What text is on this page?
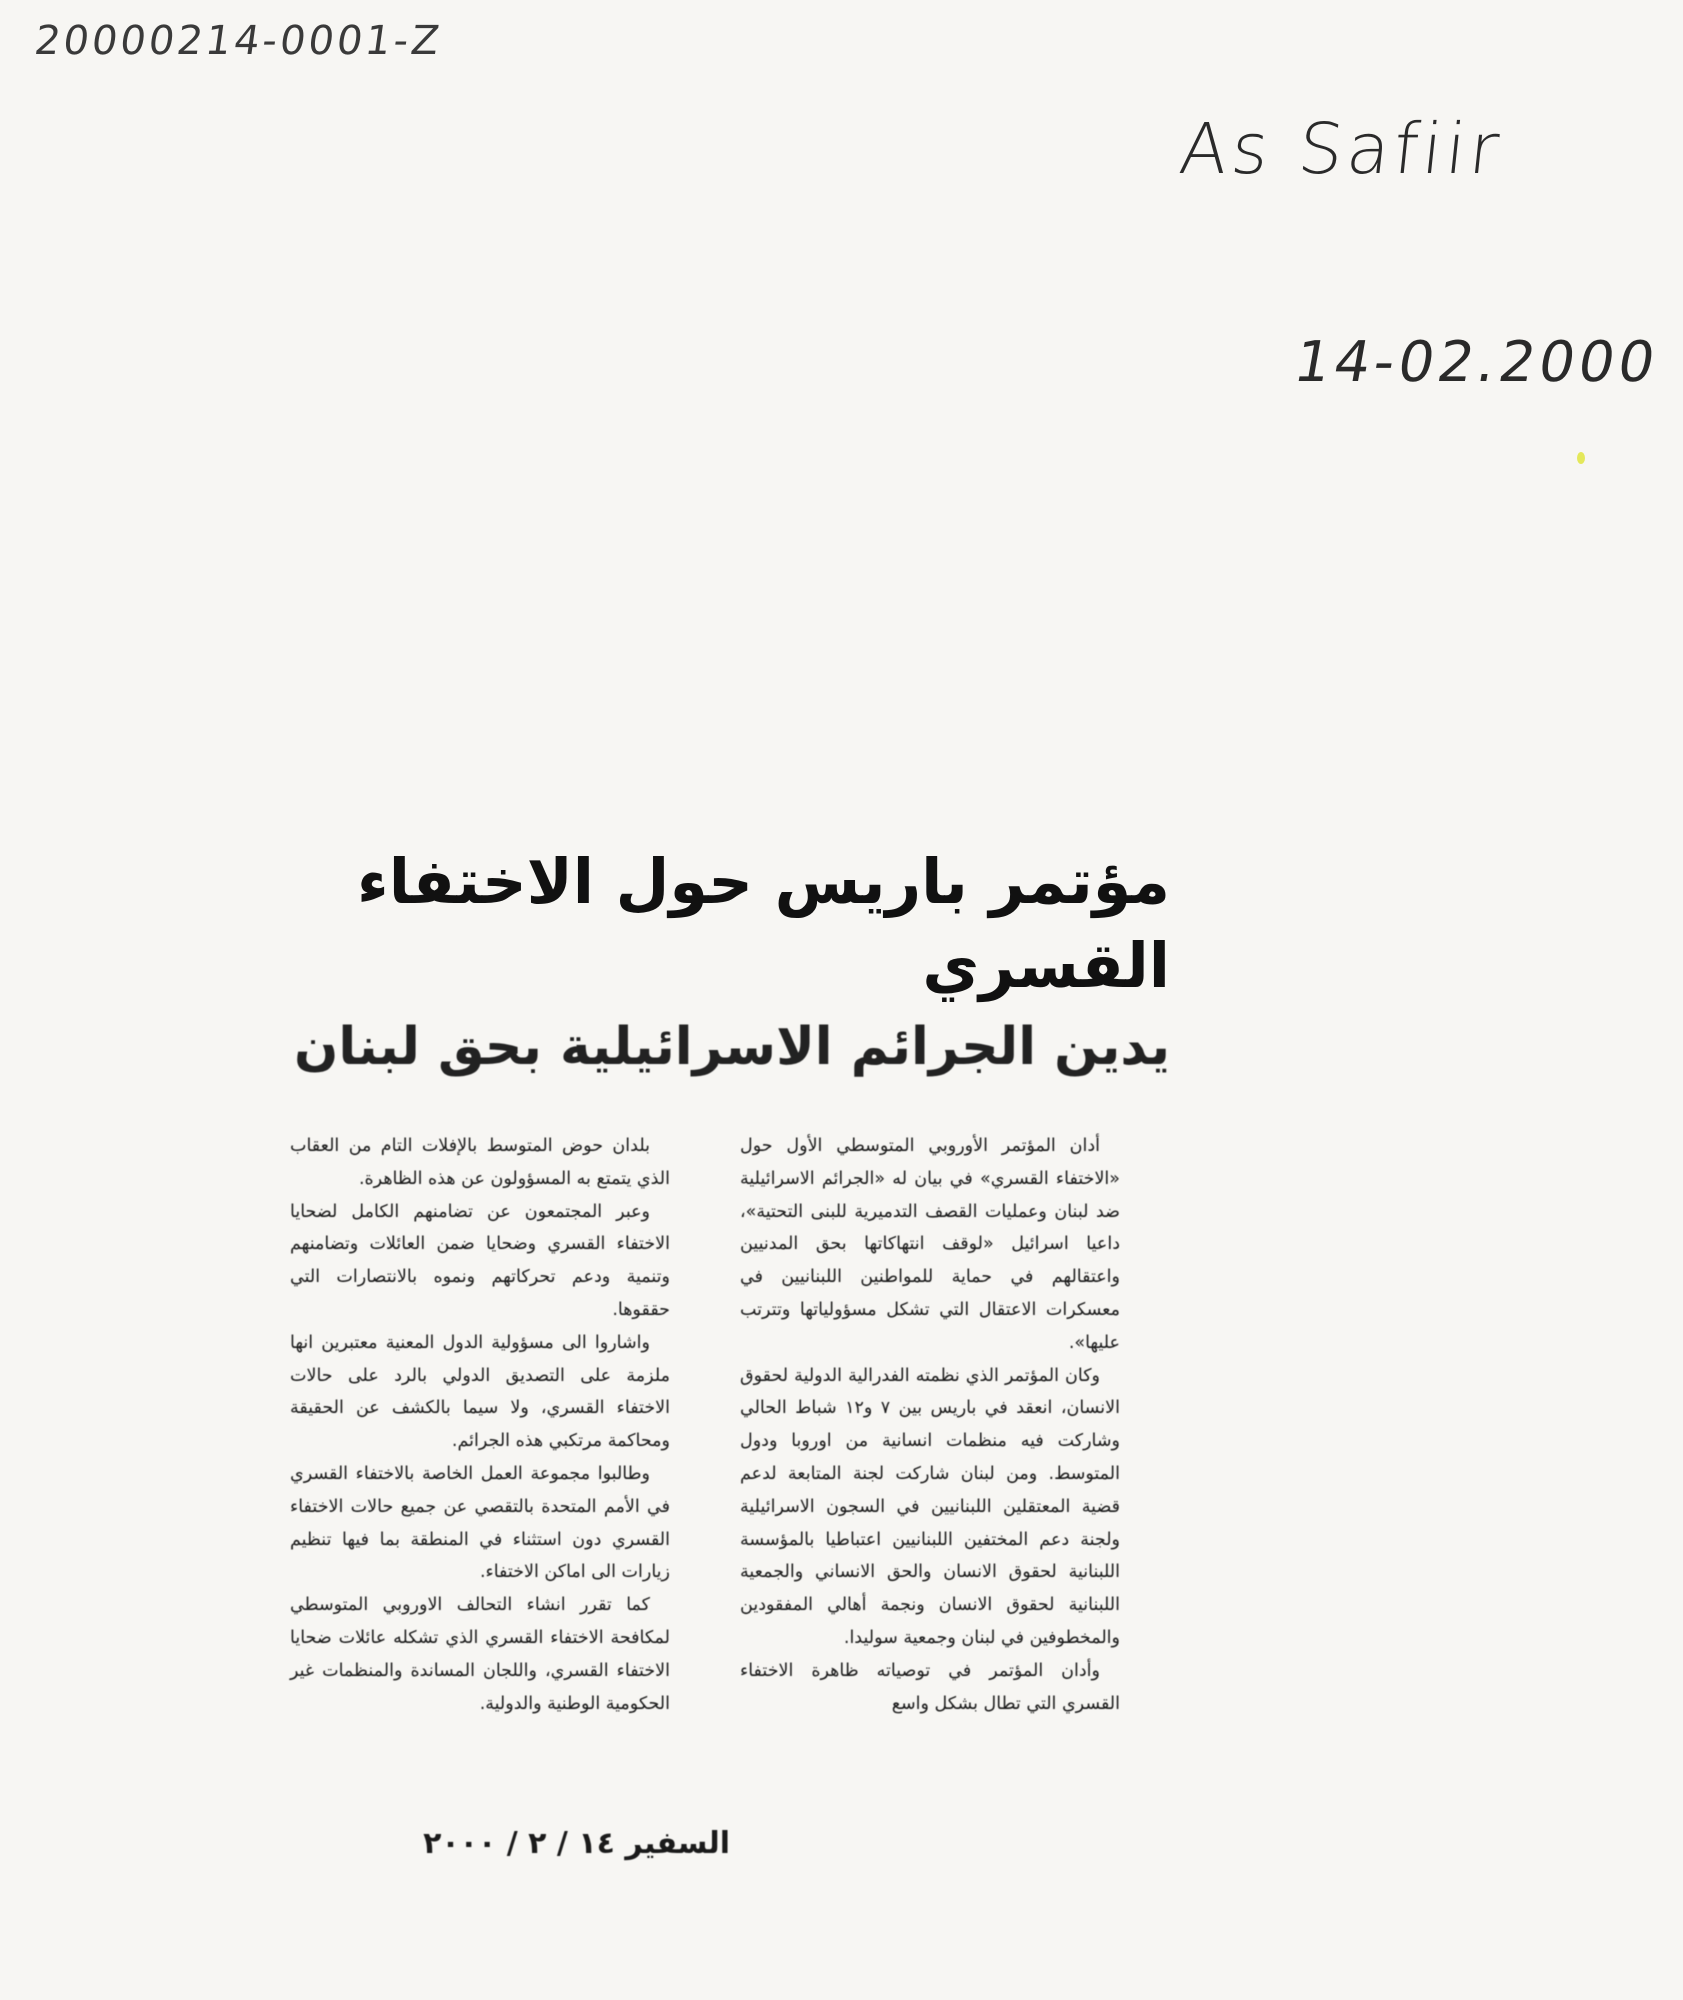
20000214-0001-Z
As Safiir
14-02.2000
مؤتمر باريس حول الاختفاء القسري
يدين الجرائم الاسرائيلية بحق لبنان

أدان المؤتمر الأوروبي المتوسطي الأول حول «الاختفاء القسري» في بيان له «الجرائم الاسرائيلية ضد لبنان وعمليات القصف التدميرية للبنى التحتية»، داعيا اسرائيل «لوقف انتهاكاتها بحق المدنيين واعتقالهم في حماية للمواطنين اللبنانيين في معسكرات الاعتقال التي تشكل مسؤولياتها وتترتب عليها».

وكان المؤتمر الذي نظمته الفدرالية الدولية لحقوق الانسان، انعقد في باريس بين ٧ و١٢ شباط الحالي وشاركت فيه منظمات انسانية من اوروبا ودول المتوسط. ومن لبنان شاركت لجنة المتابعة لدعم قضية المعتقلين اللبنانيين في السجون الاسرائيلية ولجنة دعم المختفين اللبنانيين اعتباطيا بالمؤسسة اللبنانية لحقوق الانسان والحق الانساني والجمعية اللبنانية لحقوق الانسان ونجمة أهالي المفقودين والمخطوفين في لبنان وجمعية سوليدا.

وأدان المؤتمر في توصياته ظاهرة الاختفاء القسري التي تطال بشكل واسع

بلدان حوض المتوسط بالإفلات التام من العقاب الذي يتمتع به المسؤولون عن هذه الظاهرة.

وعبر المجتمعون عن تضامنهم الكامل لضحايا الاختفاء القسري وضحايا ضمن العائلات وتضامنهم وتنمية ودعم تحركاتهم ونموه بالانتصارات التي حققوها.

واشاروا الى مسؤولية الدول المعنية معتبرين انها ملزمة على التصديق الدولي بالرد على حالات الاختفاء القسري، ولا سيما بالكشف عن الحقيقة ومحاكمة مرتكبي هذه الجرائم.

وطالبوا مجموعة العمل الخاصة بالاختفاء القسري في الأمم المتحدة بالتقصي عن جميع حالات الاختفاء القسري دون استثناء في المنطقة بما فيها تنظيم زيارات الى اماكن الاختفاء.

كما تقرر انشاء التحالف الاوروبي المتوسطي لمكافحة الاختفاء القسري الذي تشكله عائلات ضحايا الاختفاء القسري، واللجان المساندة والمنظمات غير الحكومية الوطنية والدولية.

السفير ١٤ / ٢ / ٢٠٠٠
